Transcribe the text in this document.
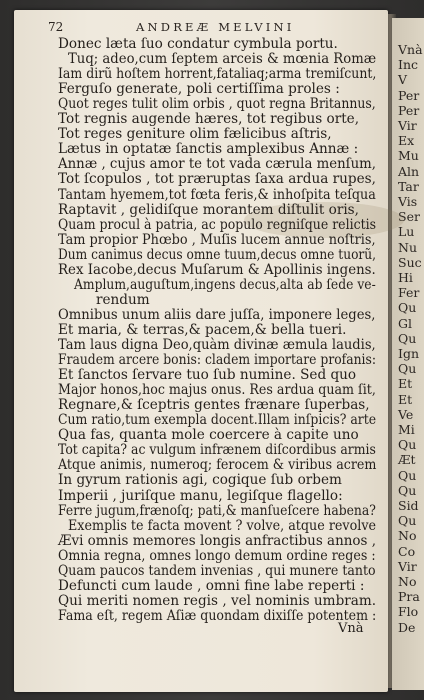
Vnà
Inc
V
Per
Per
Vir
Ex
Mu
Aln
Tar
Vis
Ser
Lu
Nu
Suc
Hi
Fer
Qu
Gl
Qu
Ign
Qu
Et
Et
Ve
Mi
Qu
Æt
Qu
Qu
Sid
Qu
No
Co
Vir
No
Pra
Flo
De
72	ANDREÆ MELVINI
Donec læta ſuo condatur cymbula portu.
Tuq; adeo,cum ſeptem arceis & mœnia Romæ
Iam dirũ hoſtem horrent,fataliaq;arma tremiſcunt,
Ferguſo generate, poli certiſſima proles :
Quot reges tulit olim orbis , quot regna Britannus,
Tot regnis augende hæres, tot regibus orte,
Tot reges geniture olim fælicibus aſtris,
Lætus in optatæ ſanctis amplexibus Annæ :
Annæ , cujus amor te tot vada cærula menſum,
Tot ſcopulos , tot præruptas ſaxa ardua rupes,
Tantam hyemem,tot fœta feris,& inhoſpita teſqua
Raptavit , gelidiſque morantem diſtulit oris,
Quam procul à patria, ac populo regniſque relictis
Tam propior Phœbo , Muſis lucem annue noſtris,
Dum canimus decus omne tuum,decus omne tuorũ,
Rex Iacobe,decus Muſarum & Apollinis ingens.
Amplum,auguſtum,ingens decus,alta ab ſede ve-
rendum
Omnibus unum aliis dare juſſa, imponere leges,
Et maria, & terras,& pacem,& bella tueri.
Tam laus digna Deo,quàm divinæ æmula laudis,
Fraudem arcere bonis: cladem importare profanis:
Et ſanctos ſervare tuo ſub numine. Sed quo
Major honos,hoc majus onus. Res ardua quam ſit,
Regnare,& ſceptris gentes frænare ſuperbas,
Cum ratio,tum exempla docent.Illam inſpicis? arte
Qua fas, quanta mole coercere à capite uno
Tot capita? ac vulgum infrænem diſcordibus armis
Atque animis, numeroq; ferocem & viribus acrem
In gyrum rationis agi, cogique ſub orbem
Imperii , juriſque manu, legiſque flagello:
Ferre jugum,frænoſq; pati,& manſueſcere habena?
Exemplis te facta movent ? volve, atque revolve
Ævi omnis memores longis anfractibus annos ,
Omnia regna, omnes longo demum ordine reges :
Quam paucos tandem invenias , qui munere tanto
Defuncti cum laude , omni fine labe reperti :
Qui meriti nomen regis , vel nominis umbram.
Fama eſt, regem Aſiæ quondam dixiſſe potentem :
Vnà
